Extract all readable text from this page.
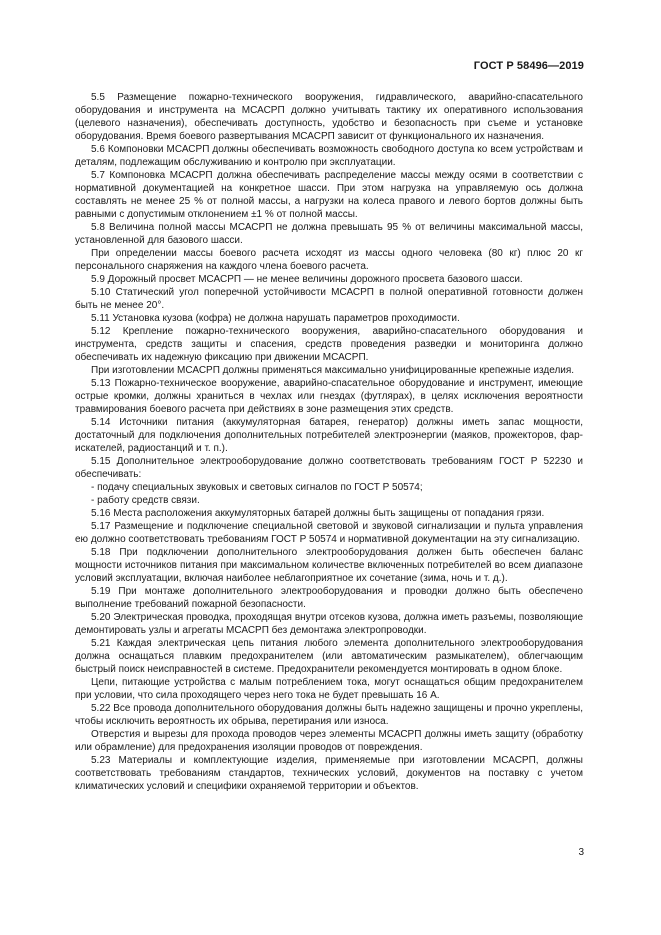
ГОСТ Р 58496—2019

5.5 Размещение пожарно-технического вооружения, гидравлического, аварийно-спасательного оборудования и инструмента на МСАСРП должно учитывать тактику их оперативного использования (целевого назначения), обеспечивать доступность, удобство и безопасность при съеме и установке оборудования. Время боевого развертывания МСАСРП зависит от функционального их назначения.

5.6 Компоновки МСАСРП должны обеспечивать возможность свободного доступа ко всем устройствам и деталям, подлежащим обслуживанию и контролю при эксплуатации.

5.7 Компоновка МСАСРП должна обеспечивать распределение массы между осями в соответствии с нормативной документацией на конкретное шасси. При этом нагрузка на управляемую ось должна составлять не менее 25 % от полной массы, а нагрузки на колеса правого и левого бортов должны быть равными с допустимым отклонением ±1 % от полной массы.

5.8 Величина полной массы МСАСРП не должна превышать 95 % от величины максимальной массы, установленной для базового шасси.

При определении массы боевого расчета исходят из массы одного человека (80 кг) плюс 20 кг персонального снаряжения на каждого члена боевого расчета.

5.9 Дорожный просвет МСАСРП — не менее величины дорожного просвета базового шасси.

5.10 Статический угол поперечной устойчивости МСАСРП в полной оперативной готовности должен быть не менее 20°.

5.11 Установка кузова (кофра) не должна нарушать параметров проходимости.

5.12 Крепление пожарно-технического вооружения, аварийно-спасательного оборудования и инструмента, средств защиты и спасения, средств проведения разведки и мониторинга должно обеспечивать их надежную фиксацию при движении МСАСРП.

При изготовлении МСАСРП должны применяться максимально унифицированные крепежные изделия.

5.13 Пожарно-техническое вооружение, аварийно-спасательное оборудование и инструмент, имеющие острые кромки, должны храниться в чехлах или гнездах (футлярах), в целях исключения вероятности травмирования боевого расчета при действиях в зоне размещения этих средств.

5.14 Источники питания (аккумуляторная батарея, генератор) должны иметь запас мощности, достаточный для подключения дополнительных потребителей электроэнергии (маяков, прожекторов, фар-искателей, радиостанций и т. п.).

5.15 Дополнительное электрооборудование должно соответствовать требованиям ГОСТ Р 52230 и обеспечивать:

- подачу специальных звуковых и световых сигналов по ГОСТ Р 50574;

- работу средств связи.

5.16 Места расположения аккумуляторных батарей должны быть защищены от попадания грязи.

5.17 Размещение и подключение специальной световой и звуковой сигнализации и пульта управления ею должно соответствовать требованиям ГОСТ Р 50574 и нормативной документации на эту сигнализацию.

5.18 При подключении дополнительного электрооборудования должен быть обеспечен баланс мощности источников питания при максимальном количестве включенных потребителей во всем диапазоне условий эксплуатации, включая наиболее неблагоприятное их сочетание (зима, ночь и т. д.).

5.19 При монтаже дополнительного электрооборудования и проводки должно быть обеспечено выполнение требований пожарной безопасности.

5.20 Электрическая проводка, проходящая внутри отсеков кузова, должна иметь разъемы, позволяющие демонтировать узлы и агрегаты МСАСРП без демонтажа электропроводки.

5.21 Каждая электрическая цепь питания любого элемента дополнительного электрооборудования должна оснащаться плавким предохранителем (или автоматическим размыкателем), облегчающим быстрый поиск неисправностей в системе. Предохранители рекомендуется монтировать в одном блоке.

Цепи, питающие устройства с малым потреблением тока, могут оснащаться общим предохранителем при условии, что сила проходящего через него тока не будет превышать 16 А.

5.22 Все провода дополнительного оборудования должны быть надежно защищены и прочно укреплены, чтобы исключить вероятность их обрыва, перетирания или износа.

Отверстия и вырезы для прохода проводов через элементы МСАСРП должны иметь защиту (обработку или обрамление) для предохранения изоляции проводов от повреждения.

5.23 Материалы и комплектующие изделия, применяемые при изготовлении МСАСРП, должны соответствовать требованиям стандартов, технических условий, документов на поставку с учетом климатических условий и специфики охраняемой территории и объектов.

3
